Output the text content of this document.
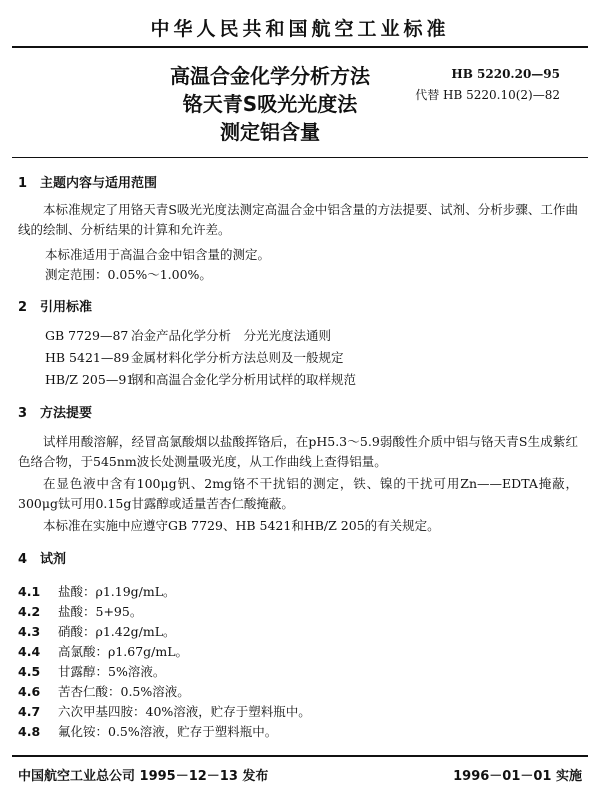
中华人民共和国航空工业标准
高温合金化学分析方法
铬天青S吸光光度法
测定铝含量
HB 5220.20—95
代替 HB 5220.10(2)—82
1 主题内容与适用范围
本标准规定了用铬天青S吸光光度法测定高温合金中铝含量的方法提要、试剂、分析步骤、工作曲线的绘制、分析结果的计算和允许差。
本标准适用于高温合金中铝含量的测定。
测定范围：0.05%～1.00%。
2 引用标准
GB 7729—87 冶金产品化学分析　分光光度法通则
HB 5421—89 金属材料化学分析方法总则及一般规定
HB/Z 205—91 钢和高温合金化学分析用试样的取样规范
3 方法提要
试样用酸溶解，经冒高氯酸烟以盐酸挥铬后，在pH5.3～5.9弱酸性介质中铝与铬天青S生成紫红色络合物，于545nm波长处测量吸光度，从工作曲线上查得铝量。
在显色液中含有100μg钒、2mg铬不干扰铝的测定，铁、镍的干扰可用Zn——EDTA掩蔽，300μg钛可用0.15g甘露醇或适量苦杏仁酸掩蔽。
本标准在实施中应遵守GB 7729、HB 5421和HB/Z 205的有关规定。
4 试剂
4.1 盐酸：ρ1.19g/mL。
4.2 盐酸：5+95。
4.3 硝酸：ρ1.42g/mL。
4.4 高氯酸：ρ1.67g/mL。
4.5 甘露醇：5%溶液。
4.6 苦杏仁酸：0.5%溶液。
4.7 六次甲基四胺：40%溶液，贮存于塑料瓶中。
4.8 氟化铵：0.5%溶液，贮存于塑料瓶中。
中国航空工业总公司 1995－12－13 发布	1996－01－01 实施
